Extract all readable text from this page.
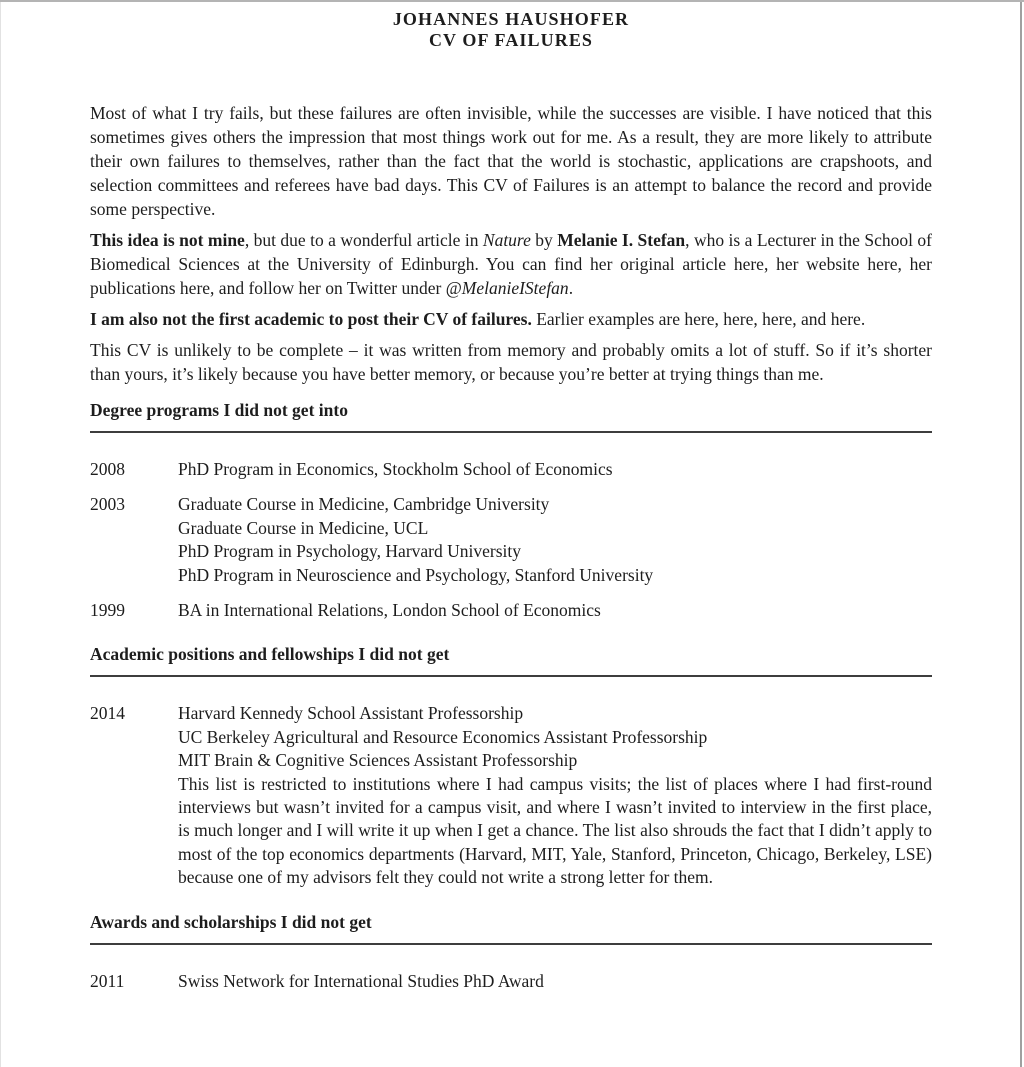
JOHANNES HAUSHOFER
CV OF FAILURES
Most of what I try fails, but these failures are often invisible, while the successes are visible. I have noticed that this sometimes gives others the impression that most things work out for me. As a result, they are more likely to attribute their own failures to themselves, rather than the fact that the world is stochastic, applications are crapshoots, and selection committees and referees have bad days. This CV of Failures is an attempt to balance the record and provide some perspective.
This idea is not mine, but due to a wonderful article in Nature by Melanie I. Stefan, who is a Lecturer in the School of Biomedical Sciences at the University of Edinburgh. You can find her original article here, her website here, her publications here, and follow her on Twitter under @MelanieIStefan.
I am also not the first academic to post their CV of failures. Earlier examples are here, here, here, and here.
This CV is unlikely to be complete – it was written from memory and probably omits a lot of stuff. So if it’s shorter than yours, it’s likely because you have better memory, or because you’re better at trying things than me.
Degree programs I did not get into
2008	PhD Program in Economics, Stockholm School of Economics
2003	Graduate Course in Medicine, Cambridge University
Graduate Course in Medicine, UCL
PhD Program in Psychology, Harvard University
PhD Program in Neuroscience and Psychology, Stanford University
1999	BA in International Relations, London School of Economics
Academic positions and fellowships I did not get
2014	Harvard Kennedy School Assistant Professorship
UC Berkeley Agricultural and Resource Economics Assistant Professorship
MIT Brain & Cognitive Sciences Assistant Professorship
This list is restricted to institutions where I had campus visits; the list of places where I had first-round interviews but wasn’t invited for a campus visit, and where I wasn’t invited to interview in the first place, is much longer and I will write it up when I get a chance. The list also shrouds the fact that I didn’t apply to most of the top economics departments (Harvard, MIT, Yale, Stanford, Princeton, Chicago, Berkeley, LSE) because one of my advisors felt they could not write a strong letter for them.
Awards and scholarships I did not get
2011	Swiss Network for International Studies PhD Award
